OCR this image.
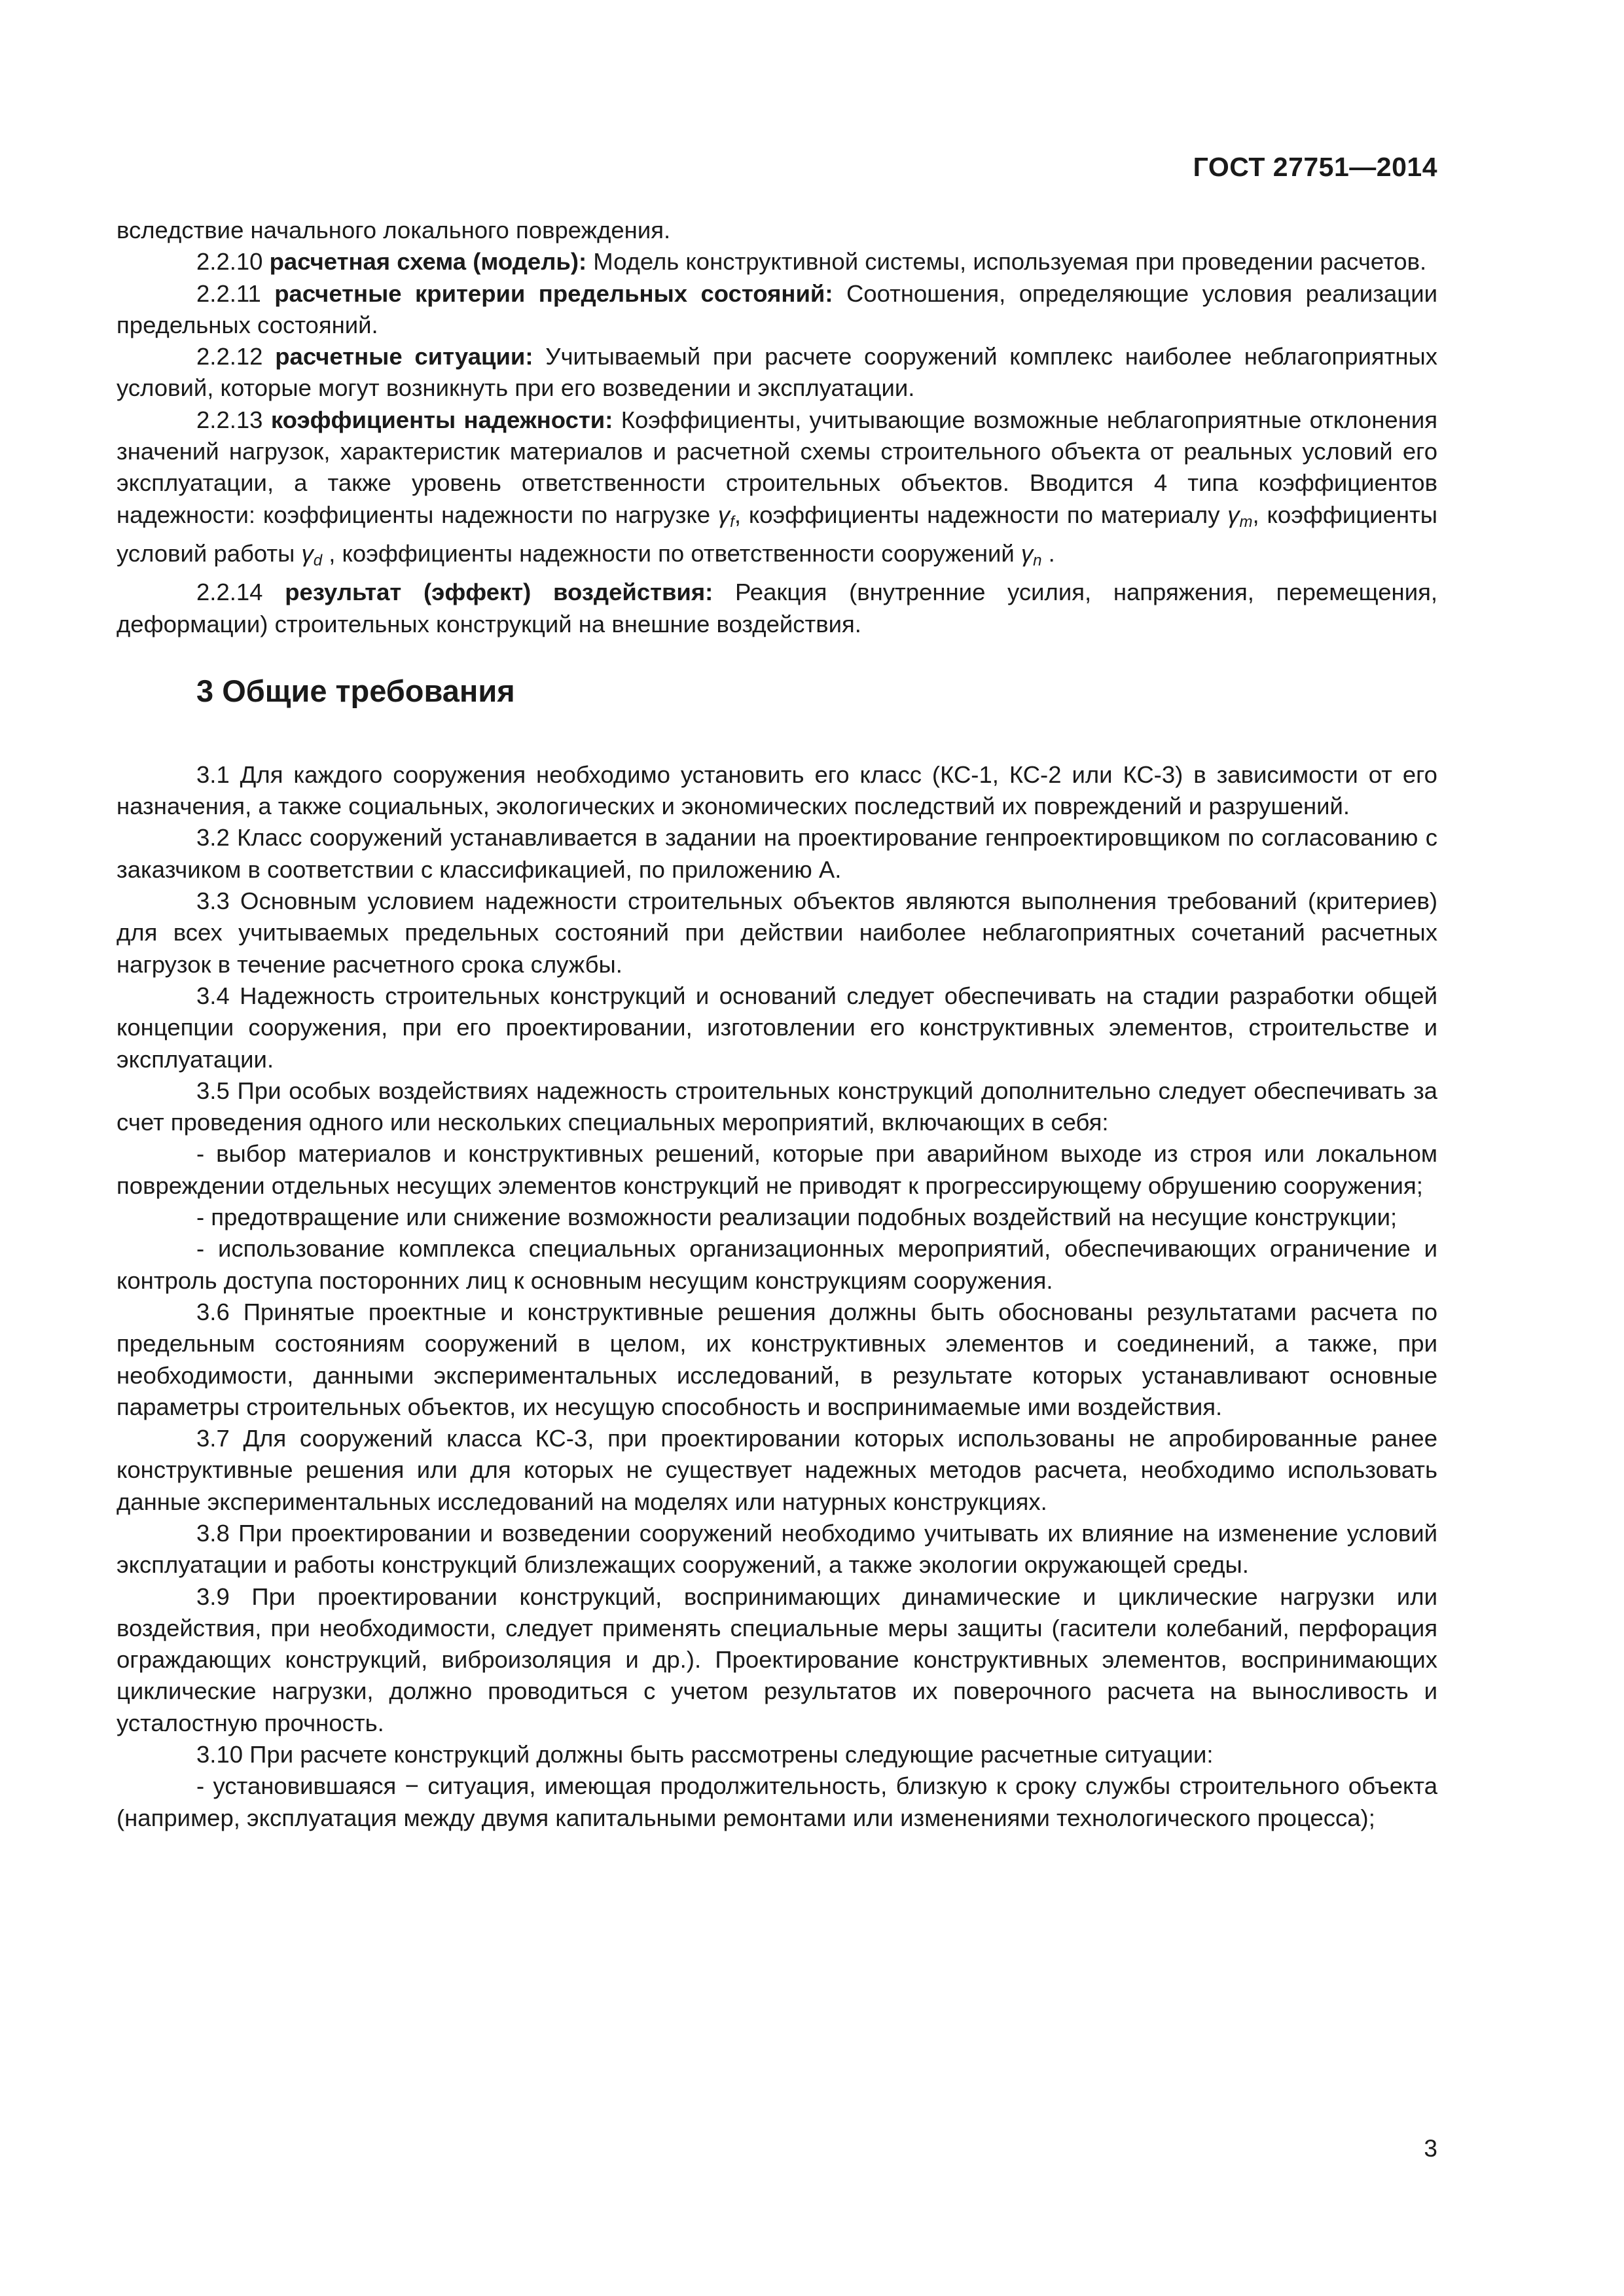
ГОСТ 27751—2014

вследствие начального локального повреждения.

2.2.10 расчетная схема (модель): Модель конструктивной системы, используемая при проведении расчетов.

2.2.11 расчетные критерии предельных состояний: Соотношения, определяющие условия реализации предельных состояний.

2.2.12 расчетные ситуации: Учитываемый при расчете сооружений комплекс наиболее неблагоприятных условий, которые могут возникнуть при его возведении и эксплуатации.

2.2.13 коэффициенты надежности: Коэффициенты, учитывающие возможные неблагоприятные отклонения значений нагрузок, характеристик материалов и расчетной схемы строительного объекта от реальных условий его эксплуатации, а также уровень ответственности строительных объектов. Вводится 4 типа коэффициентов надежности: коэффициенты надежности по нагрузке $\gamma_f$, коэффициенты надежности по материалу $\gamma_m$, коэффициенты условий работы $\gamma_d$ , коэффициенты надежности по ответственности сооружений $\gamma_n$ .

2.2.14 результат (эффект) воздействия: Реакция (внутренние усилия, напряжения, перемещения, деформации) строительных конструкций на внешние воздействия.

3 Общие требования

3.1 Для каждого сооружения необходимо установить его класс (КС-1, КС-2 или КС-3) в зависимости от его назначения, а также социальных, экологических и экономических последствий их повреждений и разрушений.

3.2 Класс сооружений устанавливается в задании на проектирование генпроектировщиком по согласованию с заказчиком в соответствии с классификацией, по приложению А.

3.3 Основным условием надежности строительных объектов являются выполнения требований (критериев) для всех учитываемых предельных состояний при действии наиболее неблагоприятных сочетаний расчетных нагрузок в течение расчетного срока службы.

3.4 Надежность строительных конструкций и оснований следует обеспечивать на стадии разработки общей концепции сооружения, при его проектировании, изготовлении его конструктивных элементов, строительстве и эксплуатации.

3.5 При особых воздействиях надежность строительных конструкций дополнительно следует обеспечивать за счет проведения одного или нескольких специальных мероприятий, включающих в себя:

- выбор материалов и конструктивных решений, которые при аварийном выходе из строя или локальном повреждении отдельных несущих элементов конструкций не приводят к прогрессирующему обрушению сооружения;

- предотвращение или снижение возможности реализации подобных воздействий на несущие конструкции;

- использование комплекса специальных организационных мероприятий, обеспечивающих ограничение и контроль доступа посторонних лиц к основным несущим конструкциям сооружения.

3.6 Принятые проектные и конструктивные решения должны быть обоснованы результатами расчета по предельным состояниям сооружений в целом, их конструктивных элементов и соединений, а также, при необходимости, данными экспериментальных исследований, в результате которых устанавливают основные параметры строительных объектов, их несущую способность и воспринимаемые ими воздействия.

3.7 Для сооружений класса КС-3, при проектировании которых использованы не апробированные ранее конструктивные решения или для которых не существует надежных методов расчета, необходимо использовать данные экспериментальных исследований на моделях или натурных конструкциях.

3.8 При проектировании и возведении сооружений необходимо учитывать их влияние на изменение условий эксплуатации и работы конструкций близлежащих сооружений, а также экологии окружающей среды.

3.9 При проектировании конструкций, воспринимающих динамические и циклические нагрузки или воздействия, при необходимости, следует применять специальные меры защиты (гасители колебаний, перфорация ограждающих конструкций, виброизоляция и др.). Проектирование конструктивных элементов, воспринимающих циклические нагрузки, должно проводиться с учетом результатов их поверочного расчета на выносливость и усталостную прочность.

3.10 При расчете конструкций должны быть рассмотрены следующие расчетные ситуации:

- установившаяся − ситуация, имеющая продолжительность, близкую к сроку службы строительного объекта (например, эксплуатация между двумя капитальными ремонтами или изменениями технологического процесса);

3
